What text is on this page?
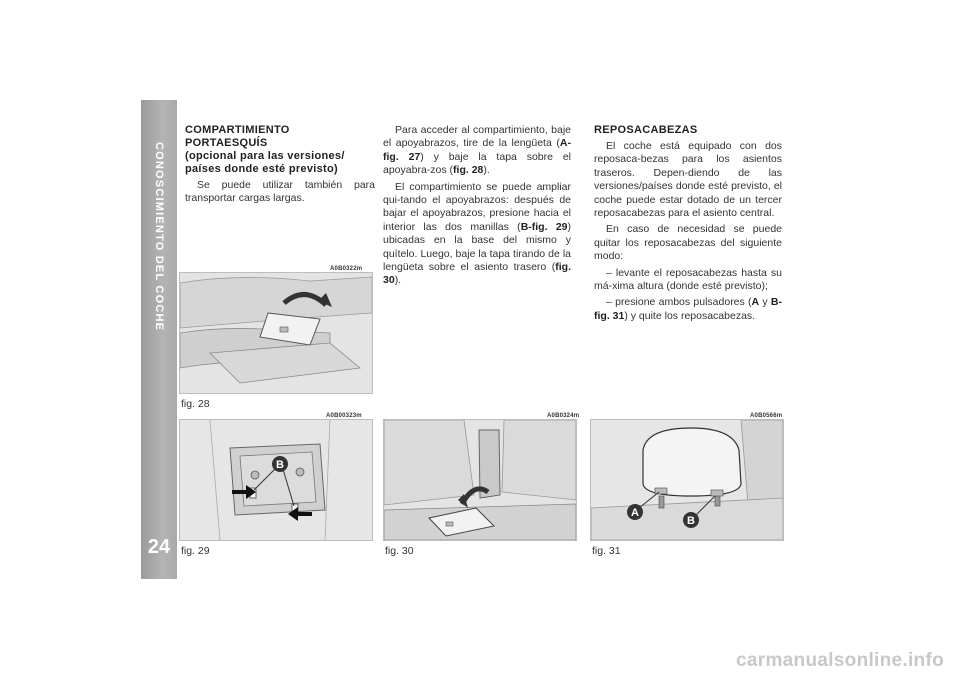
CONOSCIMIENTO DEL COCHE
24
COMPARTIMIENTO
PORTAESQUÍS
(opcional para las versiones/
países donde esté previsto)

Se puede utilizar también para transportar cargas largas.

Para acceder al compartimiento, baje el apoyabrazos, tire de la lengüeta (A-fig. 27) y baje la tapa sobre el apoyabra-zos (fig. 28).

El compartimiento se puede ampliar qui-tando el apoyabrazos: después de bajar el apoyabrazos, presione hacia el interior las dos manillas (B-fig. 29) ubicadas en la base del mismo y quítelo. Luego, baje la tapa tirando de la lengüeta sobre el asiento trasero (fig. 30).

REPOSACABEZAS

El coche está equipado con dos reposaca-bezas para los asientos traseros. Depen-diendo de las versiones/países donde esté previsto, el coche puede estar dotado de un tercer reposacabezas para el asiento central.

En caso de necesidad se puede quitar los reposacabezas del siguiente modo:

– levante el reposacabezas hasta su má-xima altura (donde esté previsto);

– presione ambos pulsadores (A y B-fig. 31) y quite los reposacabezas.

A0B0322m
fig. 28
A0B00323m
B
fig. 29
A0B0324m
fig. 30
A0B0566m
A
B
fig. 31
carmanualsonline.info
